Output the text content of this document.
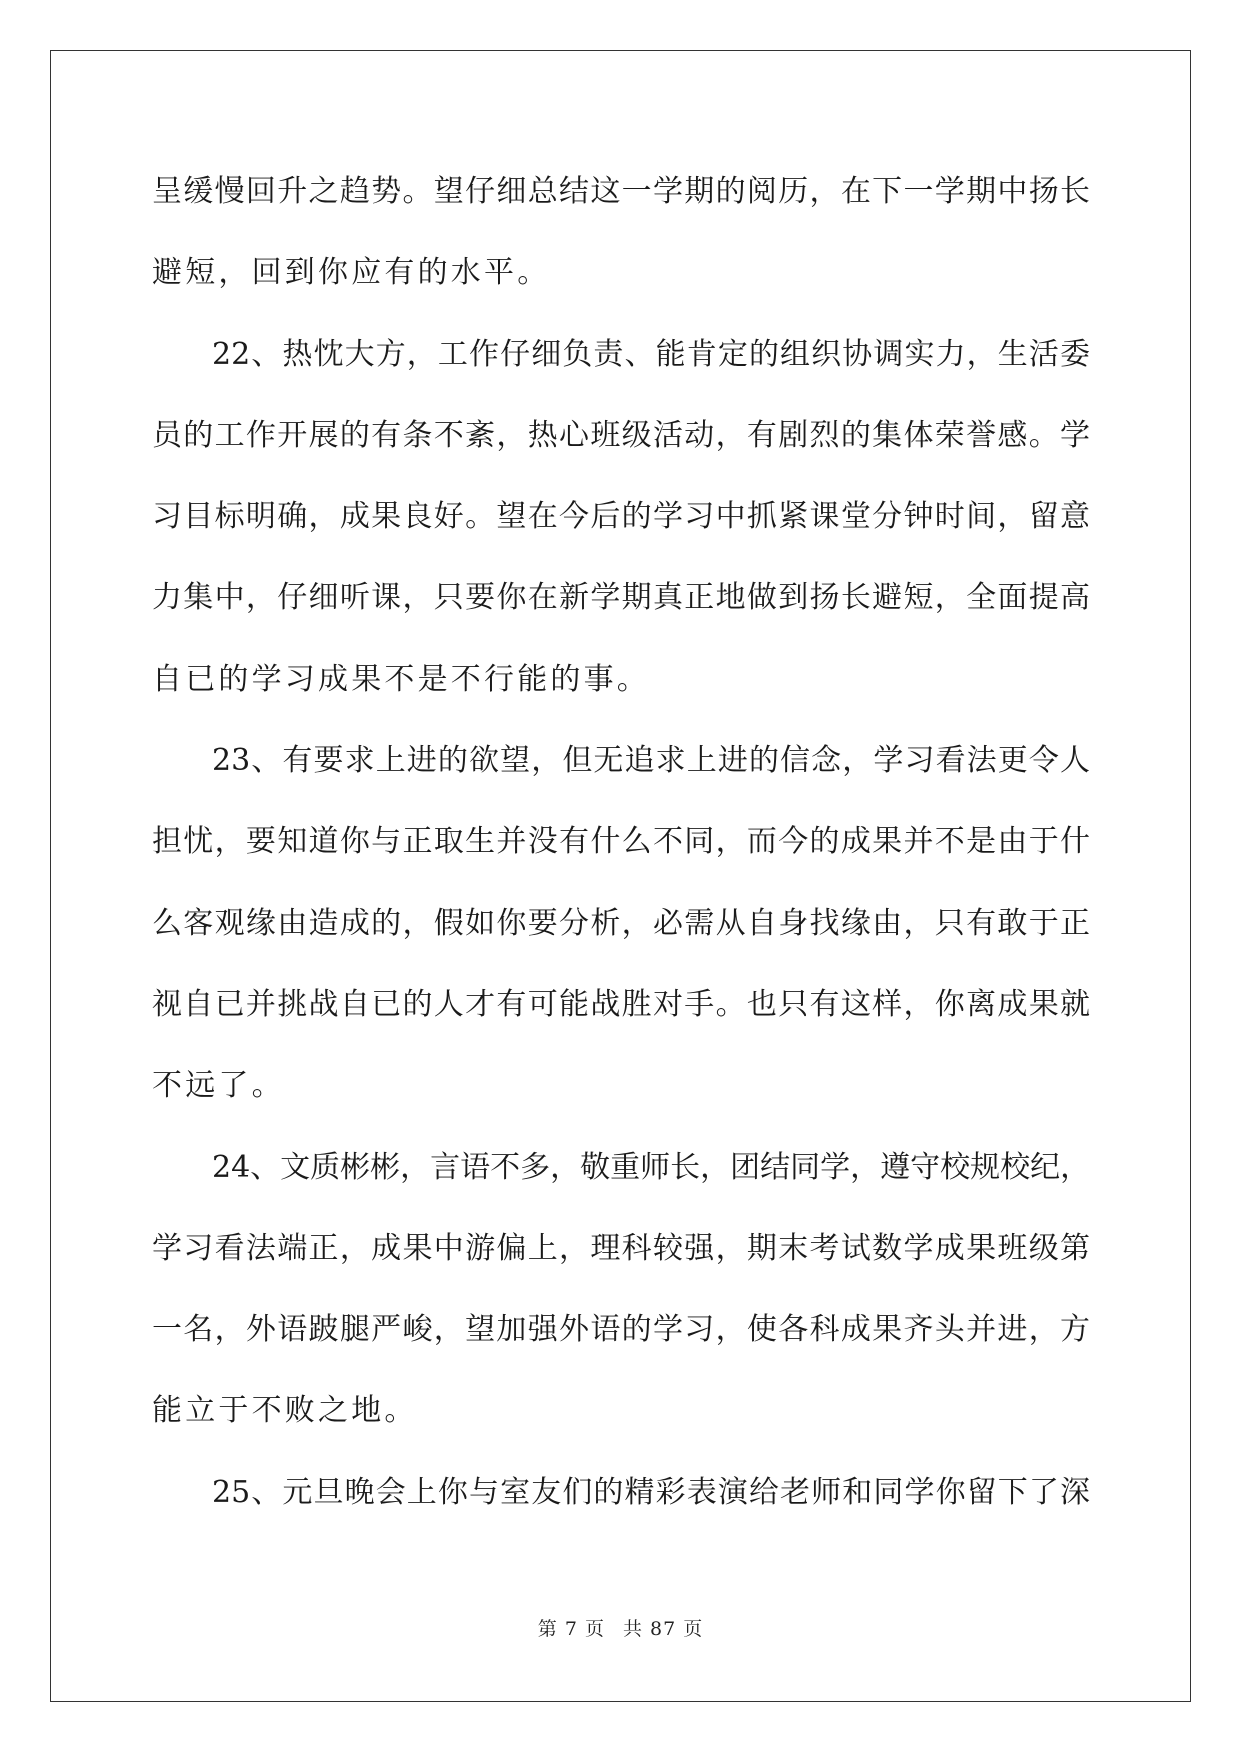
呈缓慢回升之趋势。望仔细总结这一学期的阅历，在下一学期中扬长
避短，回到你应有的水平。
22、热忱大方，工作仔细负责、能肯定的组织协调实力，生活委
员的工作开展的有条不紊，热心班级活动，有剧烈的集体荣誉感。学
习目标明确，成果良好。望在今后的学习中抓紧课堂分钟时间，留意
力集中，仔细听课，只要你在新学期真正地做到扬长避短，全面提高
自已的学习成果不是不行能的事。
23、有要求上进的欲望，但无追求上进的信念，学习看法更令人
担忧，要知道你与正取生并没有什么不同，而今的成果并不是由于什
么客观缘由造成的，假如你要分析，必需从自身找缘由，只有敢于正
视自已并挑战自已的人才有可能战胜对手。也只有这样，你离成果就
不远了。
24、文质彬彬，言语不多，敬重师长，团结同学，遵守校规校纪，
学习看法端正，成果中游偏上，理科较强，期末考试数学成果班级第
一名，外语跛腿严峻，望加强外语的学习，使各科成果齐头并进，方
能立于不败之地。
25、元旦晚会上你与室友们的精彩表演给老师和同学你留下了深
第 7 页 共 87 页
